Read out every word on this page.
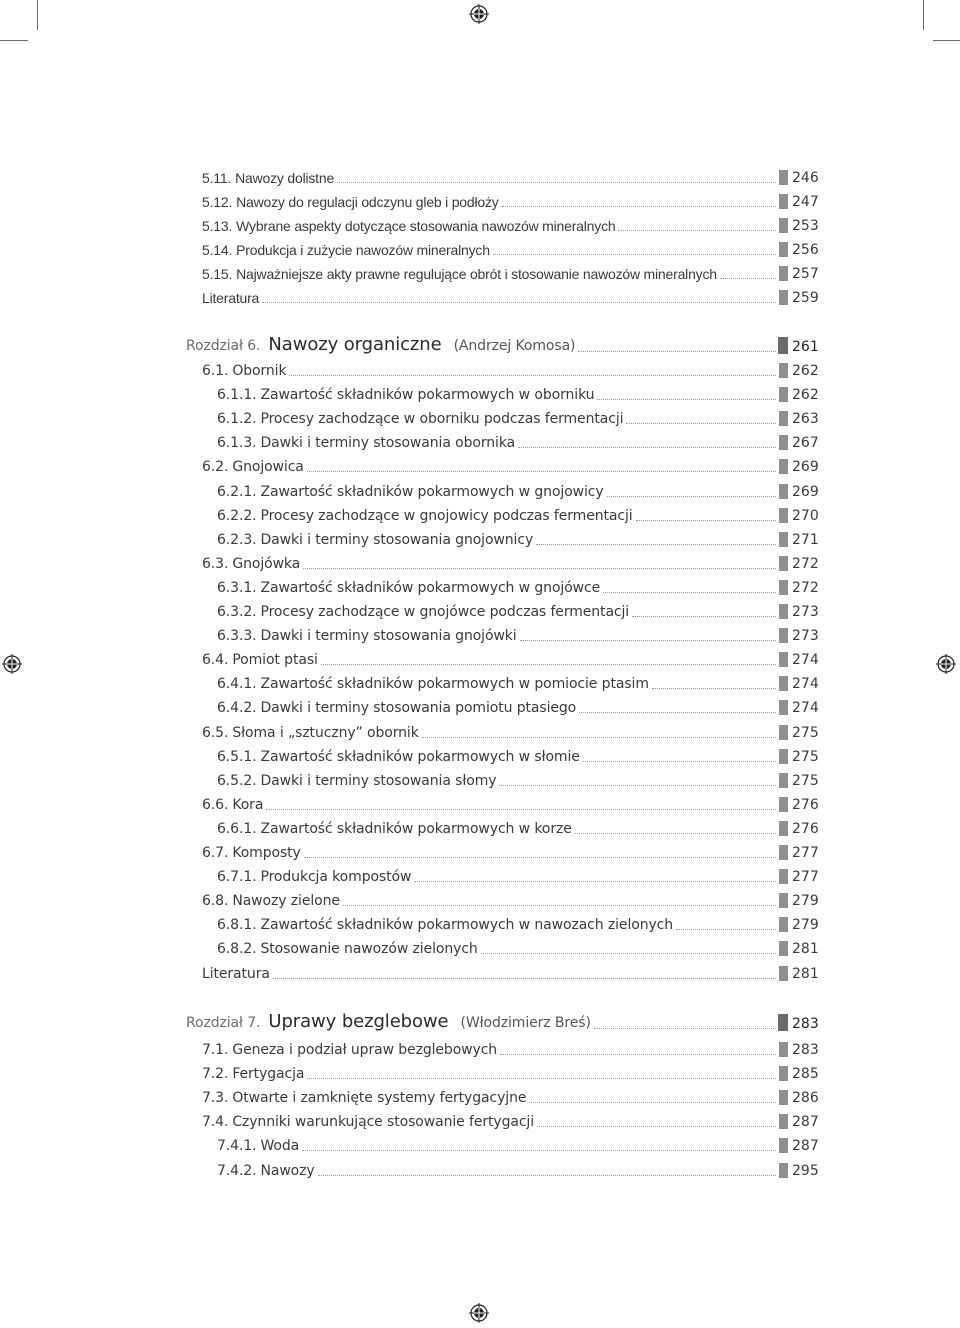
5.11. Nawozy dolistne	246
5.12. Nawozy do regulacji odczynu gleb i podłoży	247
5.13. Wybrane aspekty dotyczące stosowania nawozów mineralnych	253
5.14. Produkcja i zużycie nawozów mineralnych	256
5.15. Najważniejsze akty prawne regulujące obrót i stosowanie nawozów mineralnych	257
Literatura	259
Rozdział 6. Nawozy organiczne (Andrzej Komosa)	261
6.1. Obornik	262
6.1.1. Zawartość składników pokarmowych w oborniku	262
6.1.2. Procesy zachodzące w oborniku podczas fermentacji	263
6.1.3. Dawki i terminy stosowania obornika	267
6.2. Gnojowica	269
6.2.1. Zawartość składników pokarmowych w gnojowicy	269
6.2.2. Procesy zachodzące w gnojowicy podczas fermentacji	270
6.2.3. Dawki i terminy stosowania gnojownicy	271
6.3. Gnojówka	272
6.3.1. Zawartość składników pokarmowych w gnojówce	272
6.3.2. Procesy zachodzące w gnojówce podczas fermentacji	273
6.3.3. Dawki i terminy stosowania gnojówki	273
6.4. Pomiot ptasi	274
6.4.1. Zawartość składników pokarmowych w pomiocie ptasim	274
6.4.2. Dawki i terminy stosowania pomiotu ptasiego	274
6.5. Słoma i „sztuczny” obornik	275
6.5.1. Zawartość składników pokarmowych w słomie	275
6.5.2. Dawki i terminy stosowania słomy	275
6.6. Kora	276
6.6.1. Zawartość składników pokarmowych w korze	276
6.7. Komposty	277
6.7.1. Produkcja kompostów	277
6.8. Nawozy zielone	279
6.8.1. Zawartość składników pokarmowych w nawozach zielonych	279
6.8.2. Stosowanie nawozów zielonych	281
Literatura	281
Rozdział 7. Uprawy bezglebowe (Włodzimierz Breś)	283
7.1. Geneza i podział upraw bezglebowych	283
7.2. Fertygacja	285
7.3. Otwarte i zamknięte systemy fertygacyjne	286
7.4. Czynniki warunkujące stosowanie fertygacji	287
7.4.1. Woda	287
7.4.2. Nawozy	295
